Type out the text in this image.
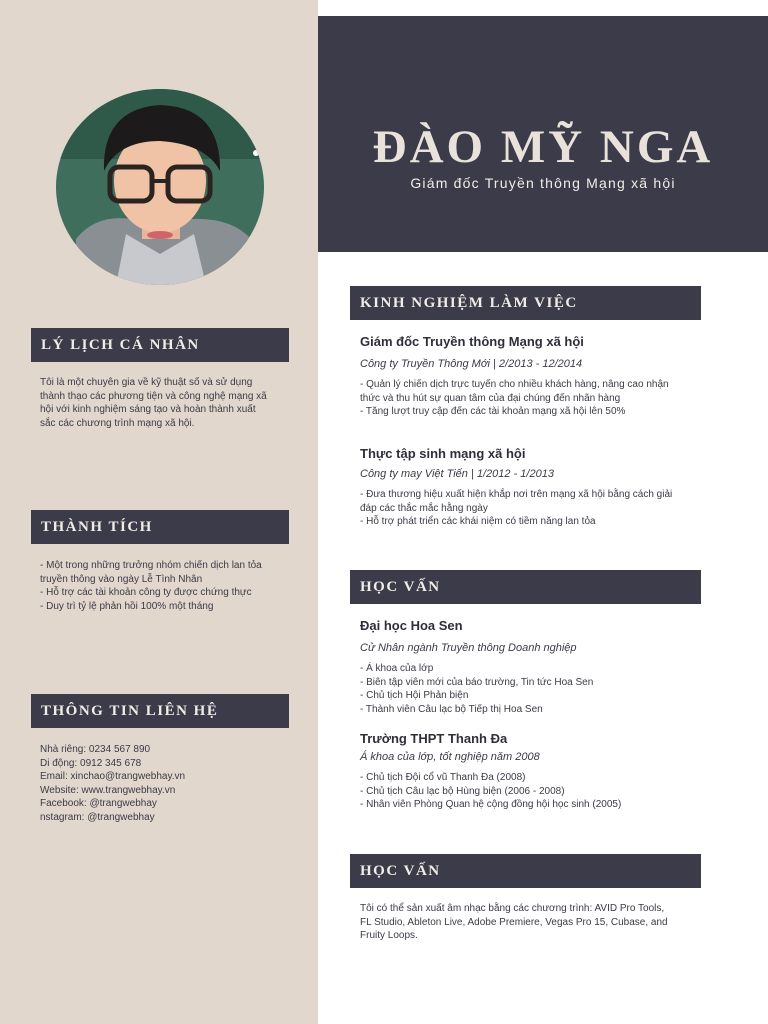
LÝ LỊCH CÁ NHÂN
Tôi là một chuyên gia về kỹ thuật số và sử dụng
thành thạo các phương tiện và công nghệ mạng xã
hội với kinh nghiệm sáng tạo và hoàn thành xuất
sắc các chương trình mạng xã hội.
THÀNH TÍCH
- Một trong những trưởng nhóm chiến dịch lan tỏa
truyền thông vào ngày Lễ Tình Nhân
- Hỗ trợ các tài khoản công ty được chứng thực
- Duy trì tỷ lệ phản hồi 100% một tháng
THÔNG TIN LIÊN HỆ
Nhà riêng: 0234 567 890
Di động: 0912 345 678
Email: xinchao@trangwebhay.vn
Website: www.trangwebhay.vn
Facebook: @trangwebhay
nstagram: @trangwebhay
ĐÀO MỸ NGA
Giám đốc Truyền thông Mạng xã hội
KINH NGHIỆM LÀM VIỆC
Giám đốc Truyền thông Mạng xã hội
Công ty Truyền Thông Mới | 2/2013 - 12/2014
- Quản lý chiến dịch trực tuyến cho nhiều khách hàng, nâng cao nhận
thức và thu hút sự quan tâm của đại chúng đến nhãn hàng
- Tăng lượt truy cập đến các tài khoản mạng xã hội lên 50%
Thực tập sinh mạng xã hội
Công ty may Việt Tiến | 1/2012 - 1/2013
- Đưa thương hiệu xuất hiện khắp nơi trên mạng xã hội bằng cách giải
đáp các thắc mắc hằng ngày
- Hỗ trợ phát triển các khái niệm có tiềm năng lan tỏa
HỌC VẤN
Đại học Hoa Sen
Cử Nhân ngành Truyền thông Doanh nghiệp
- Á khoa của lớp
- Biên tập viên mới của báo trường, Tin tức Hoa Sen
- Chủ tịch Hội Phản biện
- Thành viên Câu lạc bộ Tiếp thị Hoa Sen
Trường THPT Thanh Đa
Á khoa của lớp, tốt nghiệp năm 2008
- Chủ tịch Đội cổ vũ Thanh Đa (2008)
- Chủ tịch Câu lạc bộ Hùng biện (2006 - 2008)
- Nhân viên Phòng Quan hệ cộng đồng hội học sinh (2005)
HỌC VẤN
Tôi có thể sản xuất âm nhạc bằng các chương trình: AVID Pro Tools,
FL Studio, Ableton Live, Adobe Premiere, Vegas Pro 15, Cubase, and
Fruity Loops.
